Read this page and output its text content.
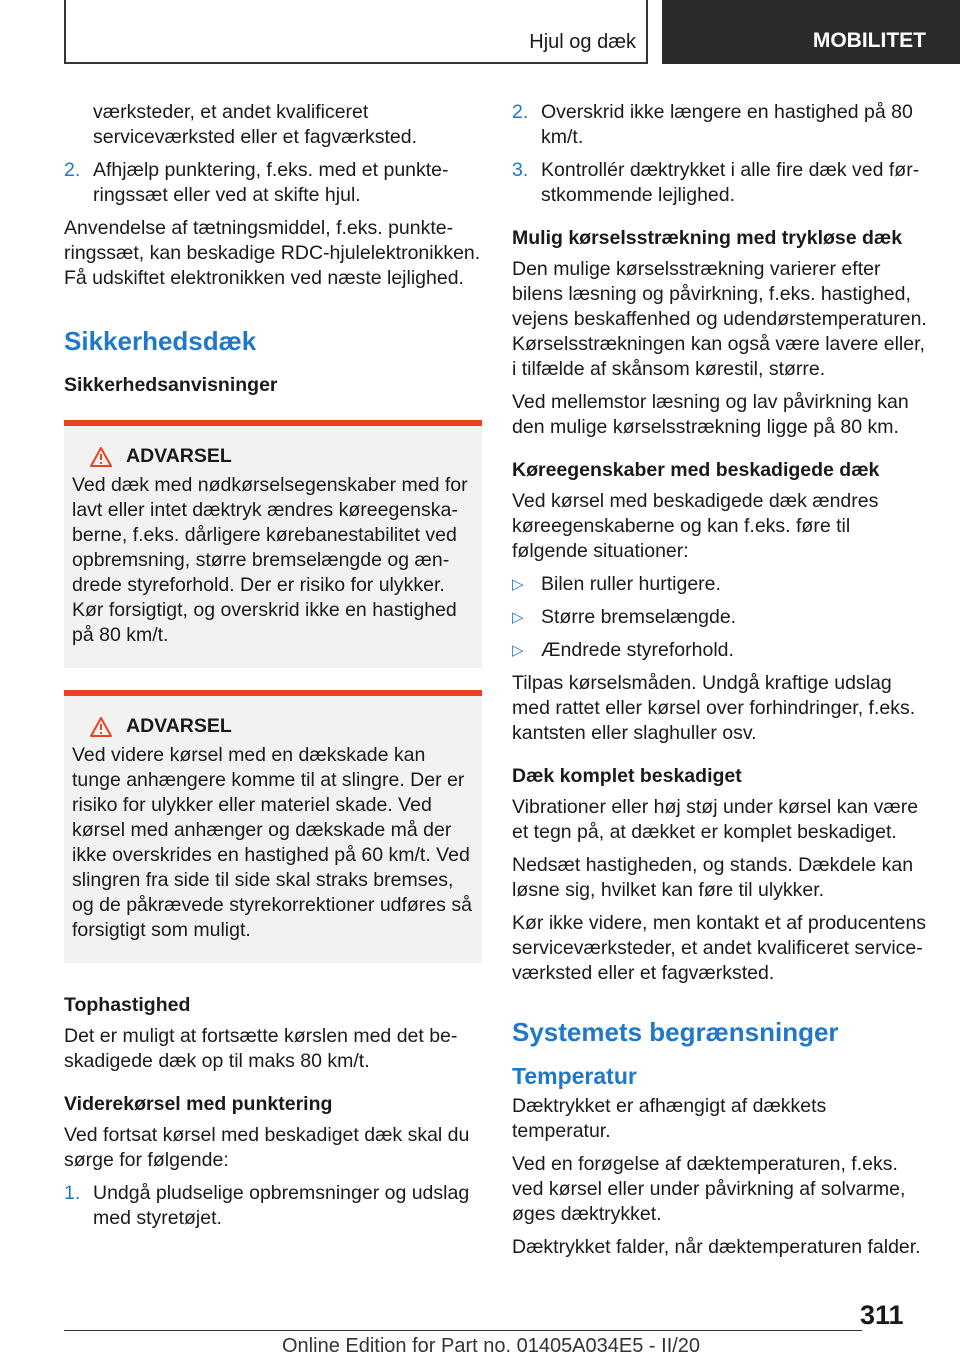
Hjul og dæk	MOBILITET
værksteder, et andet kvalificeret serviceværksted eller et fagværksted.
2. Afhjælp punktering, f.eks. med et punkteringssæt eller ved at skifte hjul.

Anvendelse af tætningsmiddel, f.eks. punkteringssæt, kan beskadige RDC-hjulelektronikken. Få udskiftet elektronikken ved næste lejlighed.

Sikkerhedsdæk
Sikkerhedsanvisninger
ADVARSEL
Ved dæk med nødkørselsegenskaber med for lavt eller intet dæktryk ændres køreegenskaberne, f.eks. dårligere kørebanestabilitet ved opbremsning, større bremselængde og ændrede styreforhold. Der er risiko for ulykker. Kør forsigtigt, og overskrid ikke en hastighed på 80 km/t.
ADVARSEL
Ved videre kørsel med en dækskade kan tunge anhængere komme til at slingre. Der er risiko for ulykker eller materiel skade. Ved kørsel med anhænger og dækskade må der ikke overskrides en hastighed på 60 km/t. Ved slingren fra side til side skal straks bremses, og de påkrævede styrekorrektioner udføres så forsigtigt som muligt.
Tophastighed

Det er muligt at fortsætte kørslen med det beskadigede dæk op til maks 80 km/t.

Viderekørsel med punktering

Ved fortsat kørsel med beskadiget dæk skal du sørge for følgende:

1. Undgå pludselige opbremsninger og udslag med styretøjet.
2. Overskrid ikke længere en hastighed på 80 km/t.
3. Kontrollér dæktrykket i alle fire dæk ved førstkommende lejlighed.
Mulig kørselsstrækning med trykløse dæk

Den mulige kørselsstrækning varierer efter bilens læsning og påvirkning, f.eks. hastighed, vejens beskaffenhed og udendørstemperaturen. Kørselsstrækningen kan også være lavere eller, i tilfælde af skånsom kørestil, større.

Ved mellemstor læsning og lav påvirkning kan den mulige kørselsstrækning ligge på 80 km.

Køreegenskaber med beskadigede dæk

Ved kørsel med beskadigede dæk ændres køreegenskaberne og kan f.eks. føre til følgende situationer:

▷ Bilen ruller hurtigere.
▷ Større bremselængde.
▷ Ændrede styreforhold.

Tilpas kørselsmåden. Undgå kraftige udslag med rattet eller kørsel over forhindringer, f.eks. kantsten eller slaghuller osv.

Dæk komplet beskadiget

Vibrationer eller høj støj under kørsel kan være et tegn på, at dækket er komplet beskadiget.

Nedsæt hastigheden, og stands. Dækdele kan løsne sig, hvilket kan føre til ulykker.

Kør ikke videre, men kontakt et af producentens serviceværksteder, et andet kvalificeret serviceværksted eller et fagværksted.

Systemets begrænsninger
Temperatur

Dæktrykket er afhængigt af dækkets temperatur.

Ved en forøgelse af dæktemperaturen, f.eks. ved kørsel eller under påvirkning af solvarme, øges dæktrykket.

Dæktrykket falder, når dæktemperaturen falder.

311
Online Edition for Part no. 01405A034E5 - II/20
